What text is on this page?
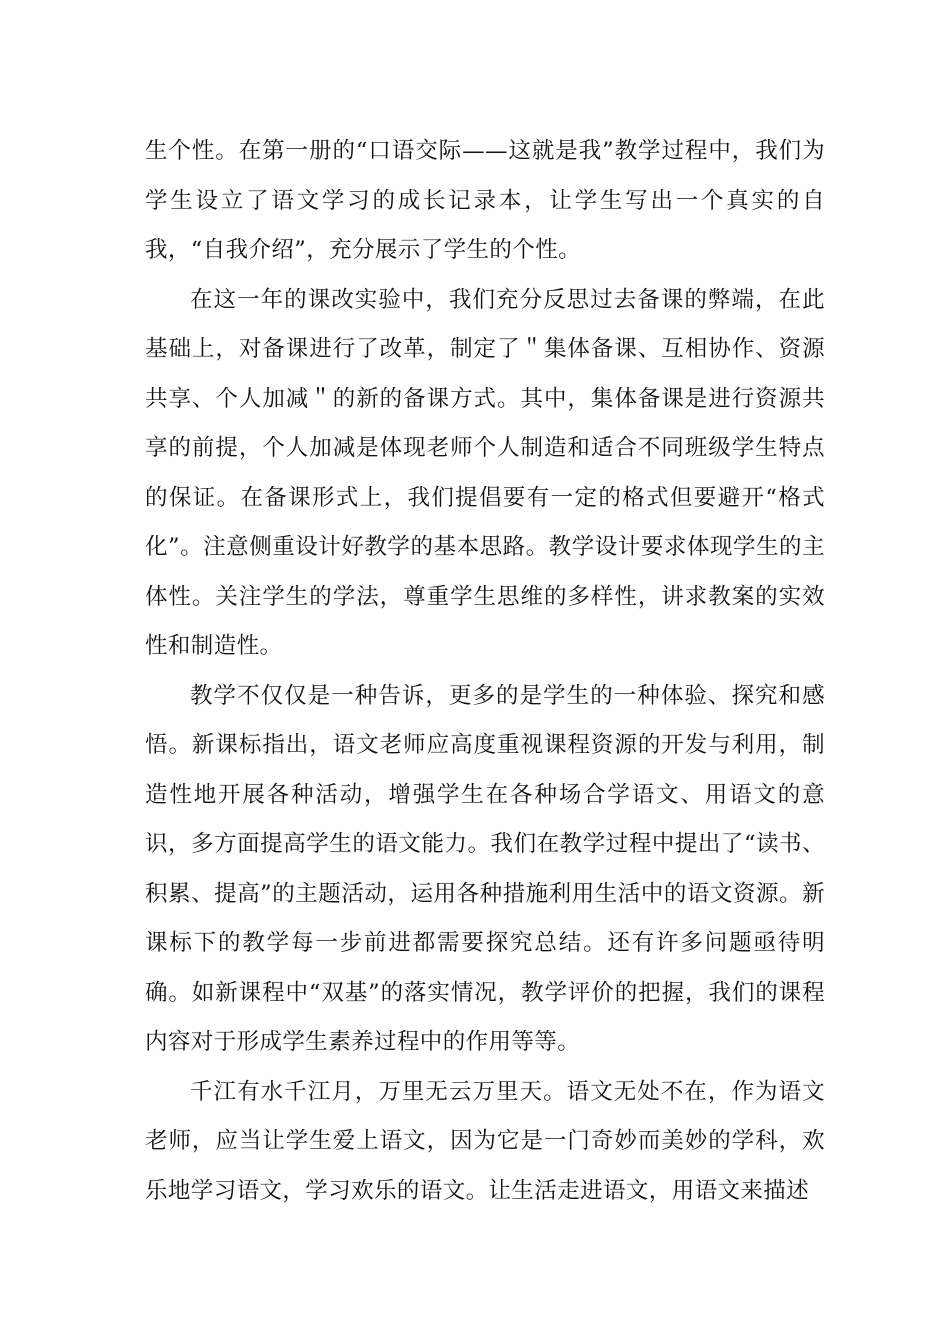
生个性。在第一册的“口语交际——这就是我”教学过程中，我们为学生设立了语文学习的成长记录本，让学生写出一个真实的自我，“自我介绍”，充分展示了学生的个性。

在这一年的课改实验中，我们充分反思过去备课的弊端，在此基础上，对备课进行了改革，制定了＂集体备课、互相协作、资源共享、个人加减＂的新的备课方式。其中，集体备课是进行资源共享的前提，个人加减是体现老师个人制造和适合不同班级学生特点的保证。在备课形式上，我们提倡要有一定的格式但要避开“格式化”。注意侧重设计好教学的基本思路。教学设计要求体现学生的主体性。关注学生的学法，尊重学生思维的多样性，讲求教案的实效性和制造性。

教学不仅仅是一种告诉，更多的是学生的一种体验、探究和感悟。新课标指出，语文老师应高度重视课程资源的开发与利用，制造性地开展各种活动，增强学生在各种场合学语文、用语文的意识，多方面提高学生的语文能力。我们在教学过程中提出了“读书、积累、提高”的主题活动，运用各种措施利用生活中的语文资源。新课标下的教学每一步前进都需要探究总结。还有许多问题亟待明确。如新课程中“双基”的落实情况，教学评价的把握，我们的课程内容对于形成学生素养过程中的作用等等。

千江有水千江月，万里无云万里天。语文无处不在，作为语文老师，应当让学生爱上语文，因为它是一门奇妙而美妙的学科，欢乐地学习语文，学习欢乐的语文。让生活走进语文，用语文来描述
